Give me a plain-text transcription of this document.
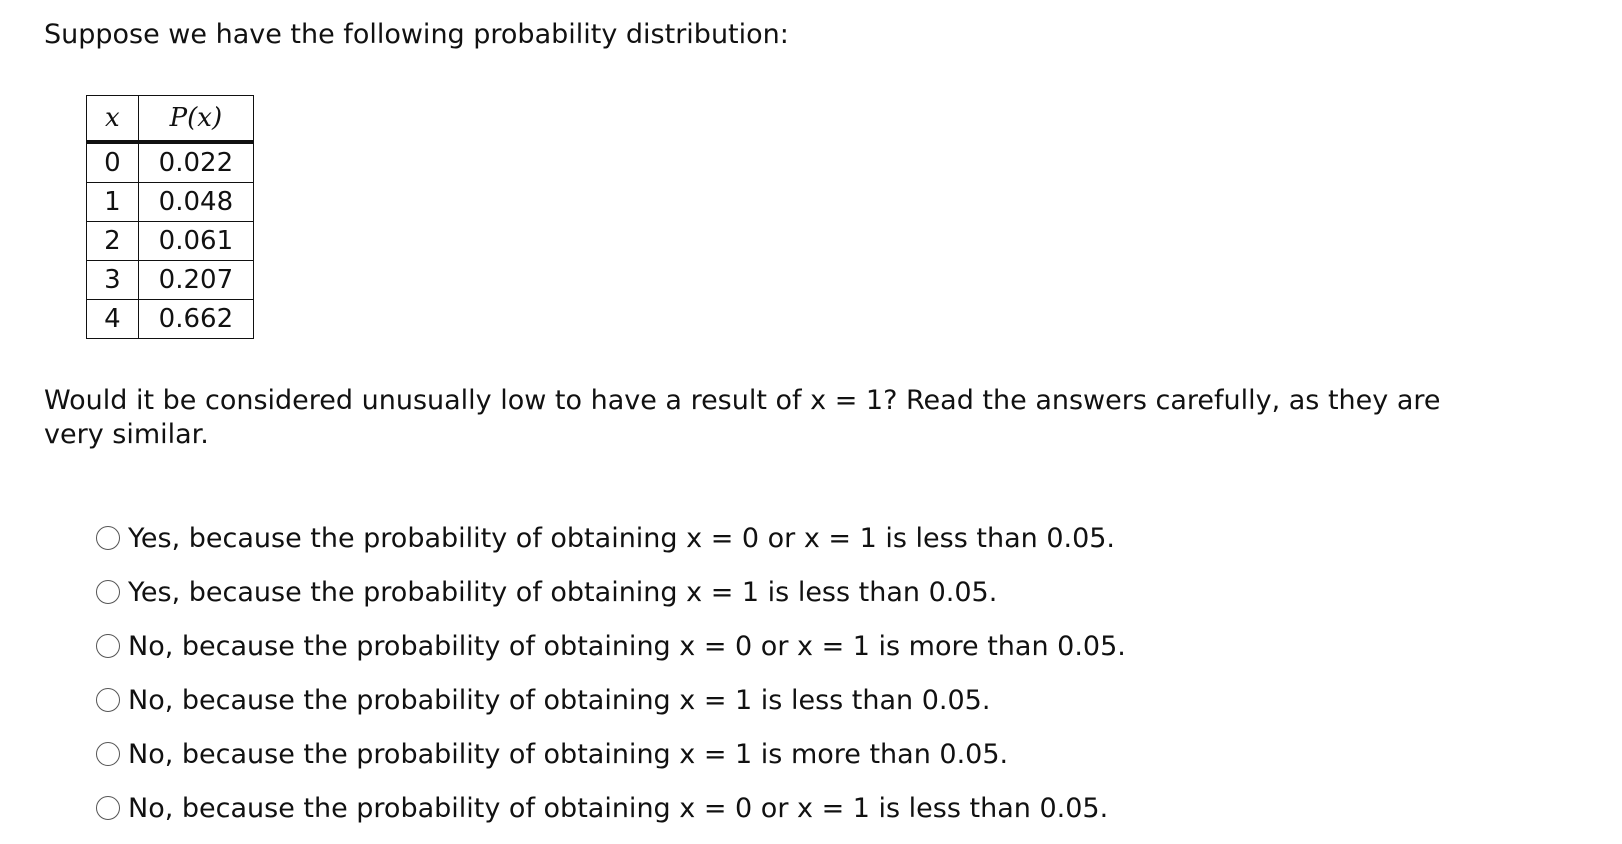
Suppose we have the following probability distribution:

x	P(x)
0	0.022
1	0.048
2	0.061
3	0.207
4	0.662

Would it be considered unusually low to have a result of x = 1? Read the answers carefully, as they are very similar.

Yes, because the probability of obtaining x = 0 or x = 1 is less than 0.05.
Yes, because the probability of obtaining x = 1 is less than 0.05.
No, because the probability of obtaining x = 0 or x = 1 is more than 0.05.
No, because the probability of obtaining x = 1 is less than 0.05.
No, because the probability of obtaining x = 1 is more than 0.05.
No, because the probability of obtaining x = 0 or x = 1 is less than 0.05.
